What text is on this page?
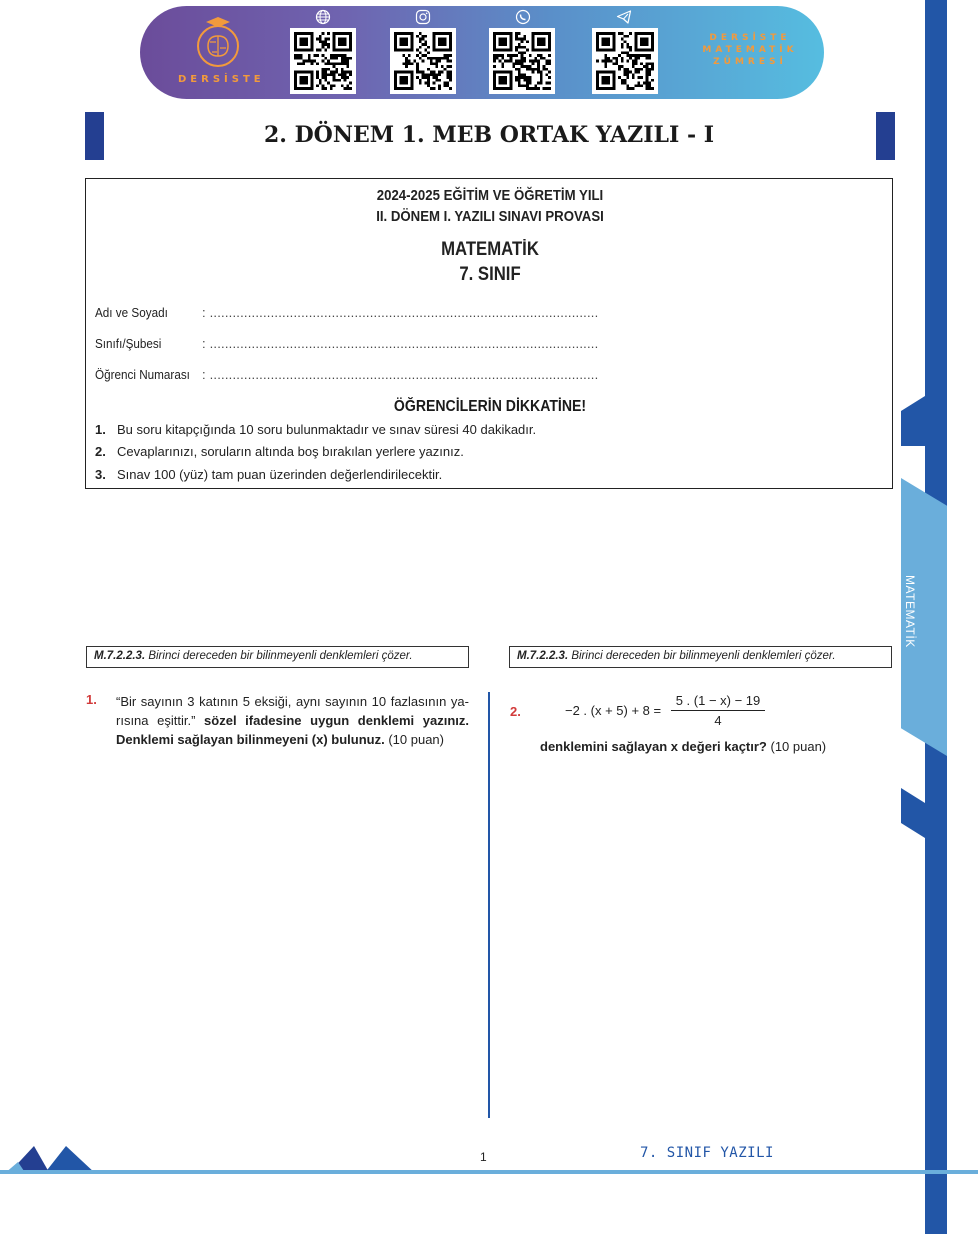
MATEMATİK
DERSİSTE
DERSİSTE
MATEMATİK
ZÜMRESİ
2. DÖNEM 1. MEB ORTAK YAZILI - I
2024-2025 EĞİTİM VE ÖĞRETİM YILI
II. DÖNEM I. YAZILI SINAVI PROVASI
MATEMATİK
7. SINIF
Adı ve Soyadı	: ......................................................................................................
Sınıfı/Şubesi	: ......................................................................................................
Öğrenci Numarası : ......................................................................................................
ÖĞRENCİLERİN DİKKATİNE!
1. Bu soru kitapçığında 10 soru bulunmaktadır ve sınav süresi 40 dakikadır.
2. Cevaplarınızı, soruların altında boş bırakılan yerlere yazınız.
3. Sınav 100 (yüz) tam puan üzerinden değerlendirilecektir.
M.7.2.2.3. Birinci dereceden bir bilinmeyenli denklemleri çözer.	M.7.2.2.3. Birinci dereceden bir bilinmeyenli denklemleri çözer.
1. “Bir sayının 3 katının 5 eksiği, aynı sayının 10 fazlasının ya-rısına eşittir.” sözel ifadesine uygun denklemi yazınız. Denklemi sağlayan bilinmeyeni (x) bulunuz. (10 puan)
2.	−2 . $(x + 5) + 8 = \frac{5 . (1 - x) - 19}{4}$
denklemini sağlayan x değeri kaçtır? (10 puan)
1	7. SINIF YAZILI
